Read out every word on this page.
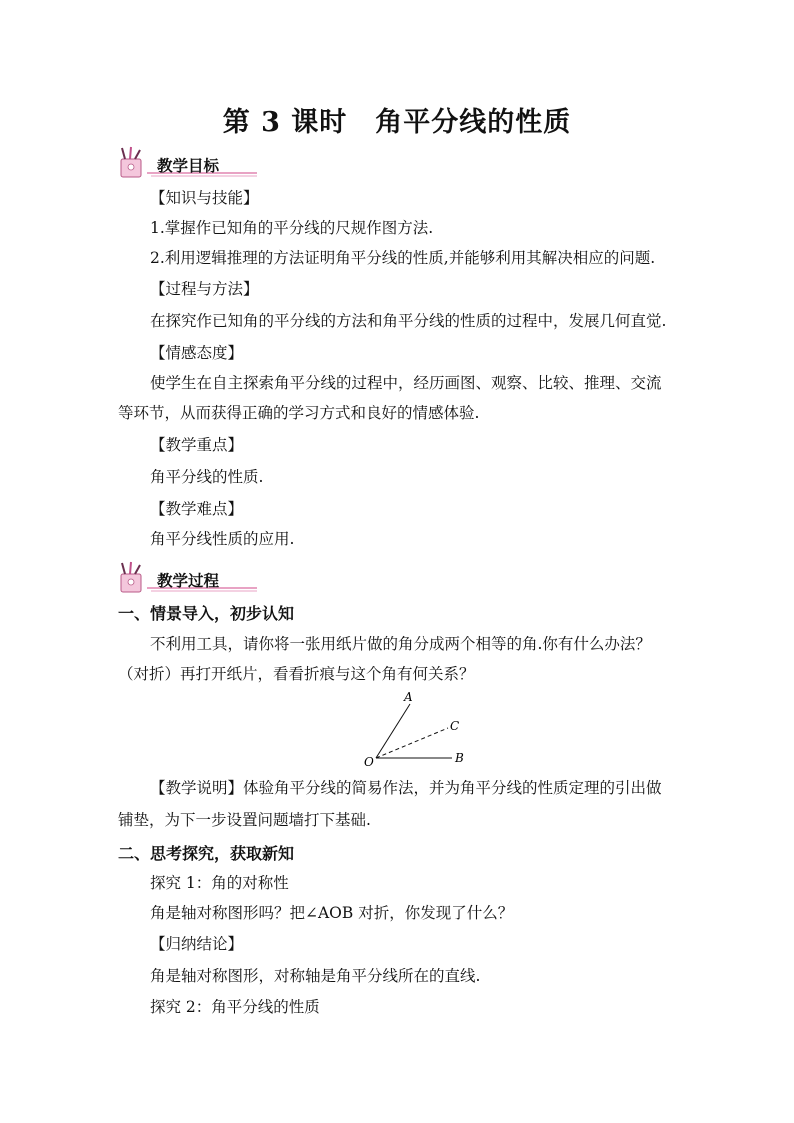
第 3 课时　角平分线的性质
教学目标
【知识与技能】
1.掌握作已知角的平分线的尺规作图方法.
2.利用逻辑推理的方法证明角平分线的性质,并能够利用其解决相应的问题.
【过程与方法】
在探究作已知角的平分线的方法和角平分线的性质的过程中，发展几何直觉.
【情感态度】
使学生在自主探索角平分线的过程中，经历画图、观察、比较、推理、交流
等环节，从而获得正确的学习方式和良好的情感体验.
【教学重点】
角平分线的性质.
【教学难点】
角平分线性质的应用.
教学过程
一、情景导入，初步认知
不利用工具，请你将一张用纸片做的角分成两个相等的角.你有什么办法？
（对折）再打开纸片，看看折痕与这个角有何关系？
A
C
O	B
【教学说明】体验角平分线的简易作法，并为角平分线的性质定理的引出做
铺垫，为下一步设置问题墙打下基础.
二、思考探究，获取新知
探究 1：角的对称性
角是轴对称图形吗？把∠AOB 对折，你发现了什么？
【归纳结论】
角是轴对称图形，对称轴是角平分线所在的直线.
探究 2：角平分线的性质
